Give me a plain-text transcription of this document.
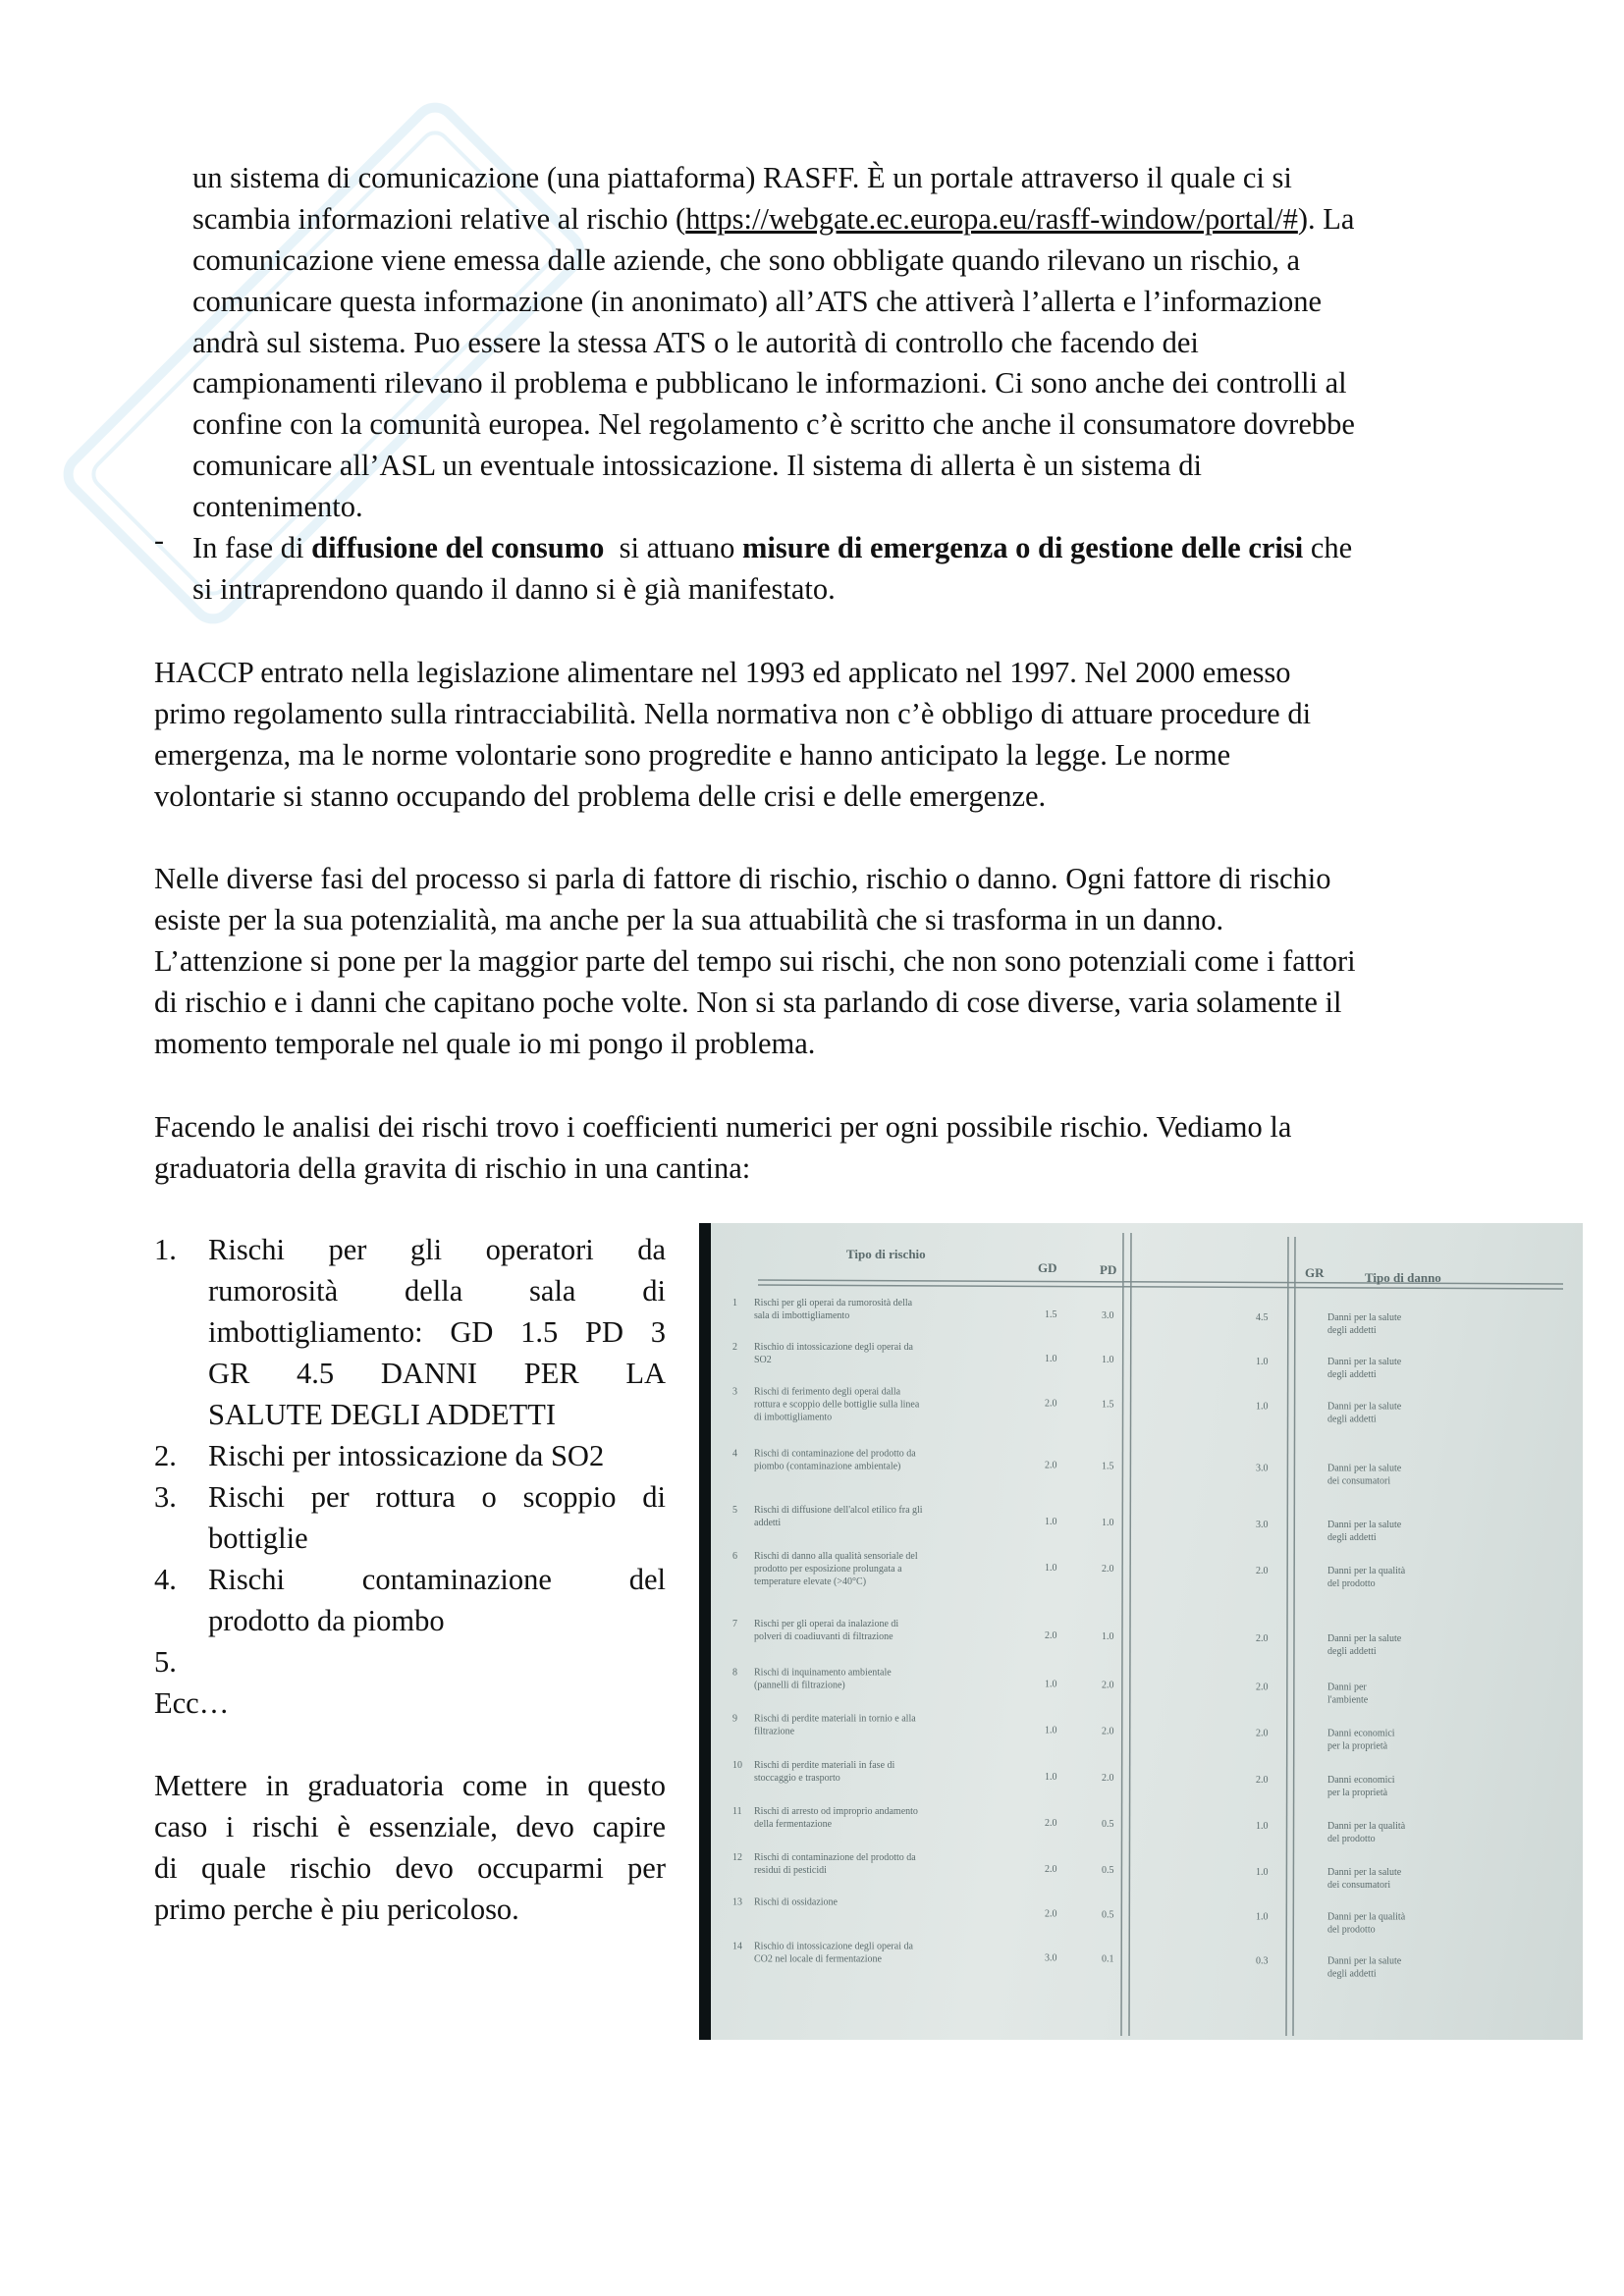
un sistema di comunicazione (una piattaforma) RASFF. È un portale attraverso il quale ci si
scambia informazioni relative al rischio (https://webgate.ec.europa.eu/rasff-window/portal/#). La
comunicazione viene emessa dalle aziende, che sono obbligate quando rilevano un rischio, a
comunicare questa informazione (in anonimato) all’ATS che attiverà l’allerta e l’informazione
andrà sul sistema. Puo essere la stessa ATS o le autorità di controllo che facendo dei
campionamenti rilevano il problema e pubblicano le informazioni. Ci sono anche dei controlli al
confine con la comunità europea. Nel regolamento c’è scritto che anche il consumatore dovrebbe
comunicare all’ASL un eventuale intossicazione. Il sistema di allerta è un sistema di
contenimento.
- In fase di diffusione del consumo  si attuano misure di emergenza o di gestione delle crisi che
si intraprendono quando il danno si è già manifestato.
HACCP entrato nella legislazione alimentare nel 1993 ed applicato nel 1997. Nel 2000 emesso
primo regolamento sulla rintracciabilità. Nella normativa non c’è obbligo di attuare procedure di
emergenza, ma le norme volontarie sono progredite e hanno anticipato la legge. Le norme
volontarie si stanno occupando del problema delle crisi e delle emergenze.
Nelle diverse fasi del processo si parla di fattore di rischio, rischio o danno. Ogni fattore di rischio
esiste per la sua potenzialità, ma anche per la sua attuabilità che si trasforma in un danno.
L’attenzione si pone per la maggior parte del tempo sui rischi, che non sono potenziali come i fattori
di rischio e i danni che capitano poche volte. Non si sta parlando di cose diverse, varia solamente il
momento temporale nel quale io mi pongo il problema.
Facendo le analisi dei rischi trovo i coefficienti numerici per ogni possibile rischio. Vediamo la
graduatoria della gravita di rischio in una cantina:
1. Rischi per gli operatori da
rumorosità della sala di
imbottigliamento: GD 1.5 PD 3
GR 4.5 DANNI PER LA
SALUTE DEGLI ADDETTI
2. Rischi per intossicazione da SO2
3. Rischi per rottura o scoppio di
bottiglie
4. Rischi contaminazione del
prodotto da piombo
5.
Ecc…
Mettere in graduatoria come in questo
caso i rischi è essenziale, devo capire
di quale rischio devo occuparmi per
primo perche è piu pericoloso.
Tipo di rischio
GD	PD	GR	Tipo di danno
1 Rischi per gli operai da rumorosità della
sala di imbottigliamento	1.5	3.0	4.5	Danni per la salute
degli addetti
2 Rischio di intossicazione degli operai da
SO2	1.0	1.0	1.0	Danni per la salute
degli addetti
3 Rischi di ferimento degli operai dalla
rottura e scoppio delle bottiglie sulla linea
di imbottigliamento
2.0	1.5	1.0	Danni per la salute
degli addetti
4 Rischi di contaminazione del prodotto da
piombo (contaminazione ambientale)	2.0	1.5	3.0	Danni per la salute
dei consumatori
5 Rischi di diffusione dell'alcol etilico fra gli
addetti	1.0	1.0	3.0	Danni per la salute
degli addetti
6 Rischi di danno alla qualità sensoriale del
prodotto per esposizione prolungata a
temperature elevate (>40°C)
1.0	2.0	2.0	Danni per la qualità
del prodotto
7 Rischi per gli operai da inalazione di
polveri di coadiuvanti di filtrazione	2.0	1.0	2.0	Danni per la salute
degli addetti
8 Rischi di inquinamento ambientale
(pannelli di filtrazione)	1.0	2.0	2.0	Danni per
l'ambiente
9 Rischi di perdite materiali in tornio e alla
filtrazione	1.0	2.0	2.0	Danni economici
per la proprietà
10 Rischi di perdite materiali in fase di
stoccaggio e trasporto	1.0	2.0	2.0	Danni economici
per la proprietà
11 Rischi di arresto od improprio andamento
della fermentazione	2.0	0.5	1.0	Danni per la qualità
del prodotto
12 Rischi di contaminazione del prodotto da
residui di pesticidi	2.0	0.5	1.0	Danni per la salute
dei consumatori
13 Rischi di ossidazione
2.0	0.5	1.0	Danni per la qualità
del prodotto
14 Rischio di intossicazione degli operai da
CO2 nel locale di fermentazione	3.0	0.1	0.3	Danni per la salute
degli addetti
